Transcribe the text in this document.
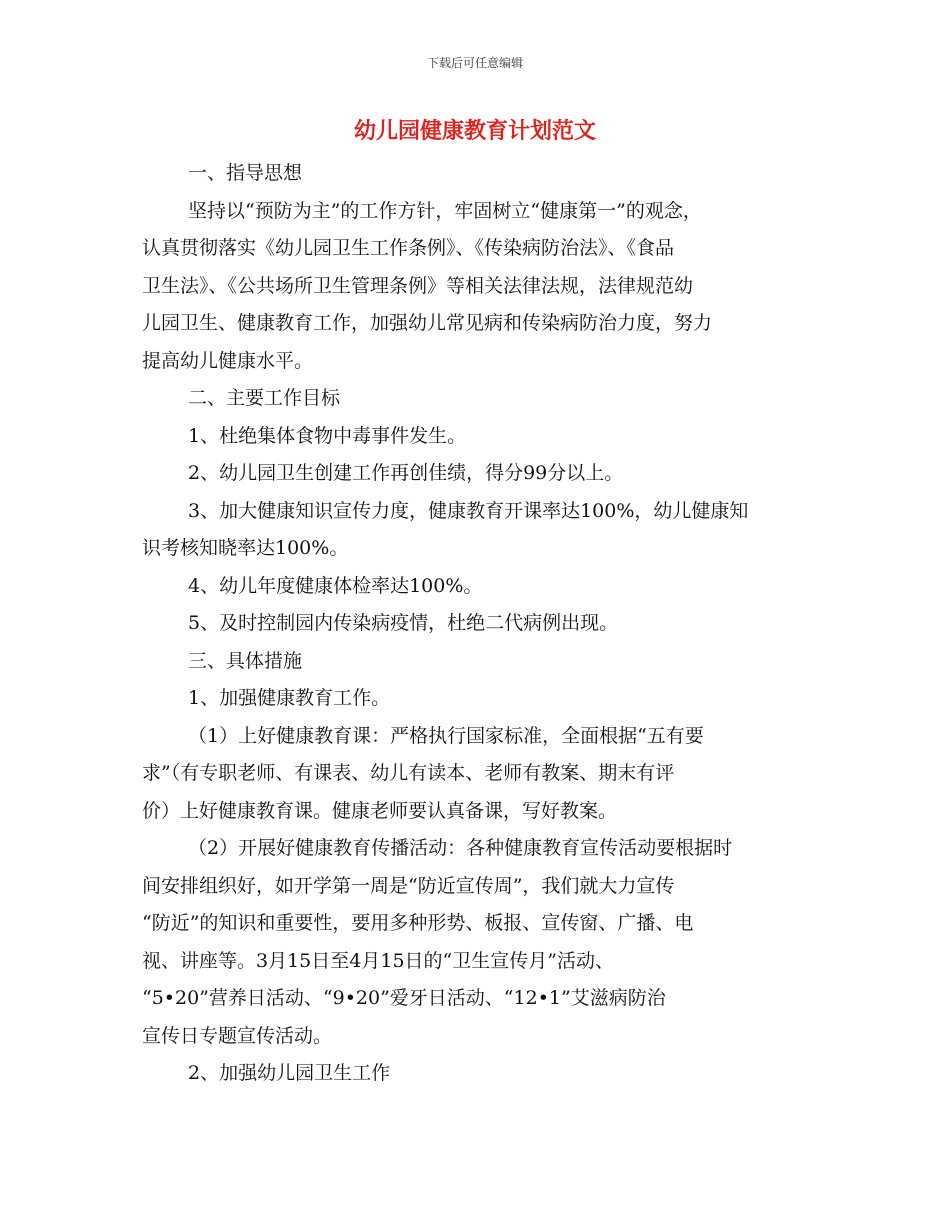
下载后可任意编辑
幼儿园健康教育计划范文
一、指导思想
坚持以“预防为主”的工作方针，牢固树立“健康第一”的观念，
认真贯彻落实《幼儿园卫生工作条例》、《传染病防治法》、《食品
卫生法》、《公共场所卫生管理条例》等相关法律法规，法律规范幼
儿园卫生、健康教育工作，加强幼儿常见病和传染病防治力度，努力
提高幼儿健康水平。
二、主要工作目标
1、杜绝集体食物中毒事件发生。
2、幼儿园卫生创建工作再创佳绩，得分99分以上。
3、加大健康知识宣传力度，健康教育开课率达100%，幼儿健康知
识考核知晓率达100%。
4、幼儿年度健康体检率达100%。
5、及时控制园内传染病疫情，杜绝二代病例出现。
三、具体措施
1、加强健康教育工作。
（1）上好健康教育课：严格执行国家标准，全面根据“五有要
求”（有专职老师、有课表、幼儿有读本、老师有教案、期末有评
价）上好健康教育课。健康老师要认真备课，写好教案。
（2）开展好健康教育传播活动：各种健康教育宣传活动要根据时
间安排组织好，如开学第一周是“防近宣传周”，我们就大力宣传
“防近”的知识和重要性，要用多种形势、板报、宣传窗、广播、电
视、讲座等。3月15日至4月15日的“卫生宣传月”活动、
“5•20”营养日活动、“9•20”爱牙日活动、“12•1”艾滋病防治
宣传日专题宣传活动。
2、加强幼儿园卫生工作
